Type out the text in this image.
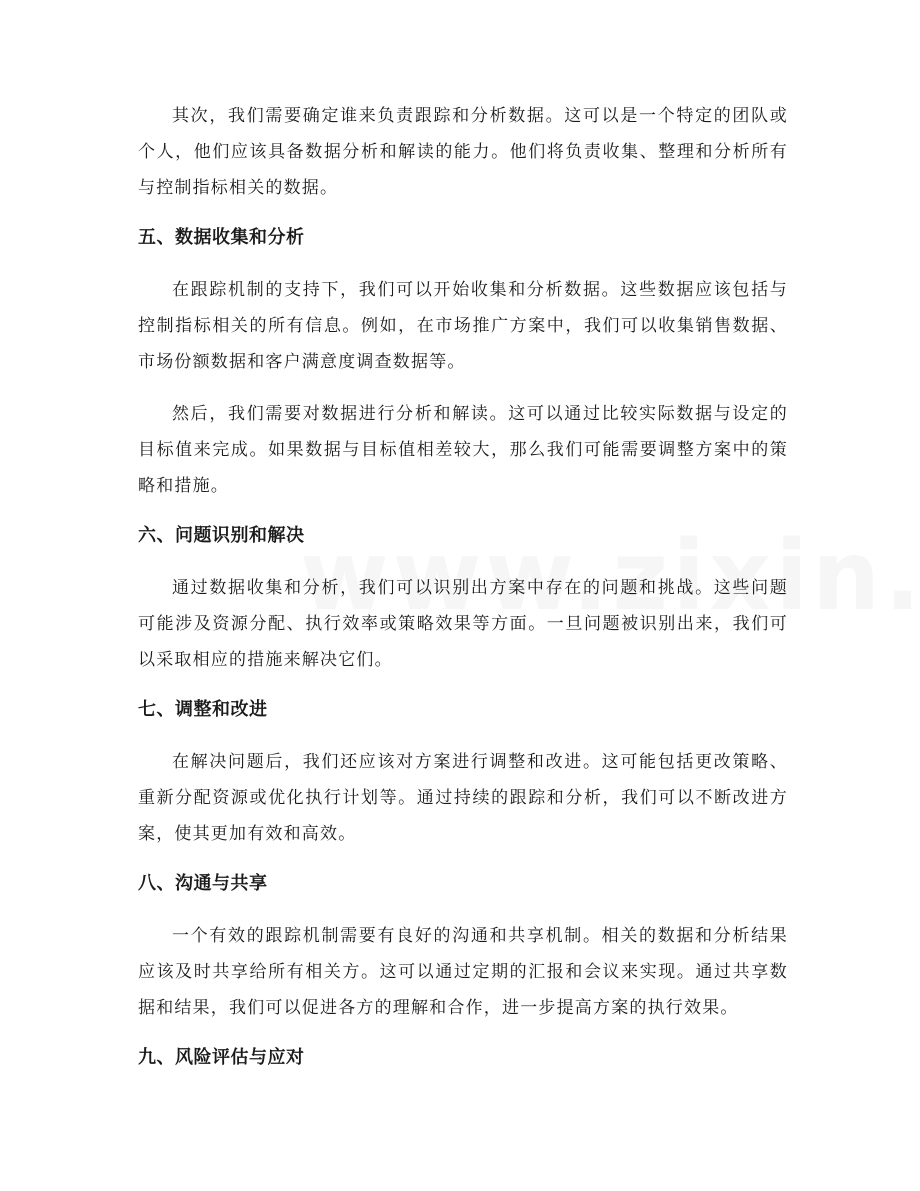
其次，我们需要确定谁来负责跟踪和分析数据。这可以是一个特定的团队或个人，他们应该具备数据分析和解读的能力。他们将负责收集、整理和分析所有与控制指标相关的数据。

五、数据收集和分析

在跟踪机制的支持下，我们可以开始收集和分析数据。这些数据应该包括与控制指标相关的所有信息。例如，在市场推广方案中，我们可以收集销售数据、市场份额数据和客户满意度调查数据等。

然后，我们需要对数据进行分析和解读。这可以通过比较实际数据与设定的目标值来完成。如果数据与目标值相差较大，那么我们可能需要调整方案中的策略和措施。

六、问题识别和解决

通过数据收集和分析，我们可以识别出方案中存在的问题和挑战。这些问题可能涉及资源分配、执行效率或策略效果等方面。一旦问题被识别出来，我们可以采取相应的措施来解决它们。

七、调整和改进

在解决问题后，我们还应该对方案进行调整和改进。这可能包括更改策略、重新分配资源或优化执行计划等。通过持续的跟踪和分析，我们可以不断改进方案，使其更加有效和高效。

八、沟通与共享

一个有效的跟踪机制需要有良好的沟通和共享机制。相关的数据和分析结果应该及时共享给所有相关方。这可以通过定期的汇报和会议来实现。通过共享数据和结果，我们可以促进各方的理解和合作，进一步提高方案的执行效果。

九、风险评估与应对
